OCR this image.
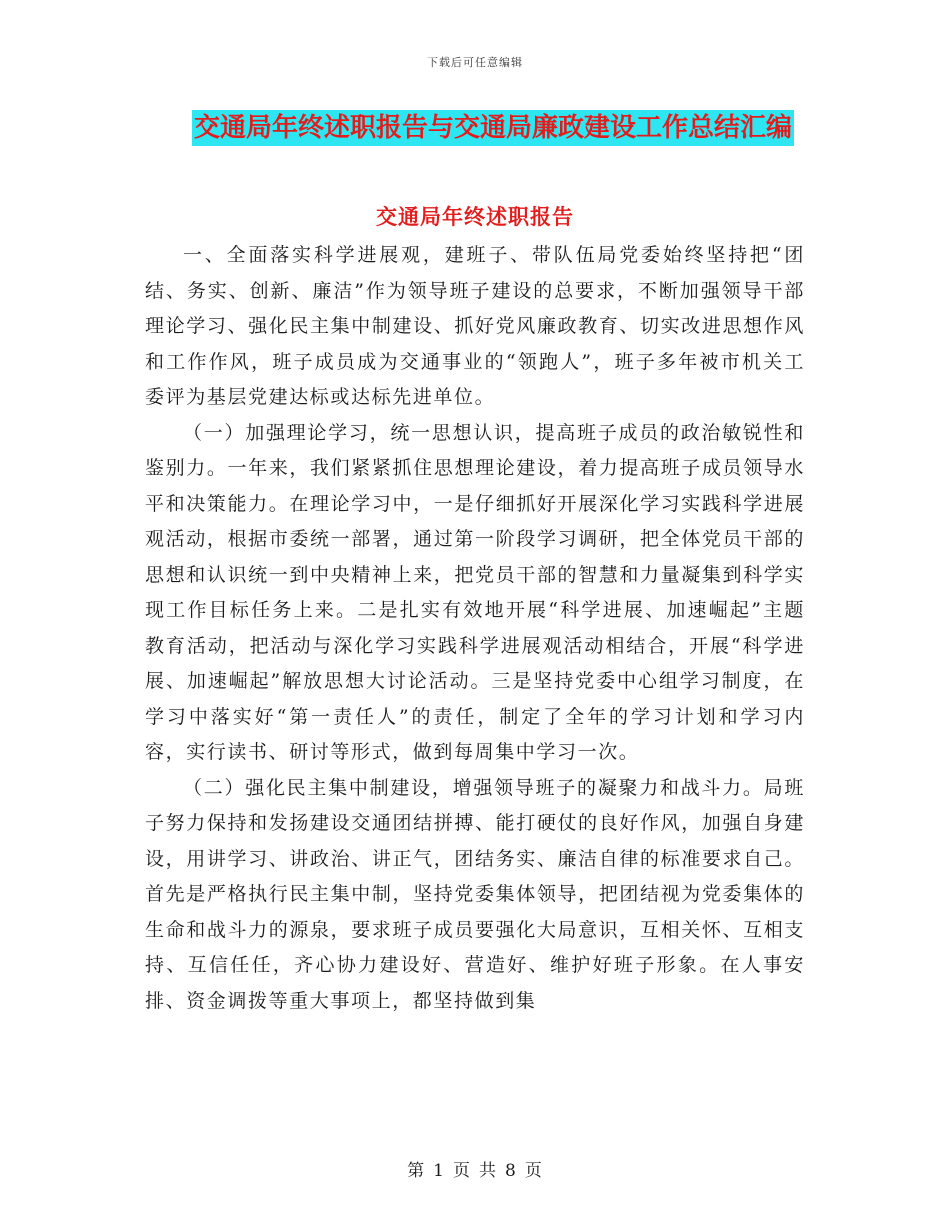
下载后可任意编辑
交通局年终述职报告与交通局廉政建设工作总结汇编
交通局年终述职报告

一、全面落实科学进展观，建班子、带队伍局党委始终坚持把“团结、务实、创新、廉洁”作为领导班子建设的总要求，不断加强领导干部理论学习、强化民主集中制建设、抓好党风廉政教育、切实改进思想作风和工作作风，班子成员成为交通事业的“领跑人”，班子多年被市机关工委评为基层党建达标或达标先进单位。

（一）加强理论学习，统一思想认识，提高班子成员的政治敏锐性和鉴别力。一年来，我们紧紧抓住思想理论建设，着力提高班子成员领导水平和决策能力。在理论学习中，一是仔细抓好开展深化学习实践科学进展观活动，根据市委统一部署，通过第一阶段学习调研，把全体党员干部的思想和认识统一到中央精神上来，把党员干部的智慧和力量凝集到科学实现工作目标任务上来。二是扎实有效地开展“科学进展、加速崛起”主题教育活动，把活动与深化学习实践科学进展观活动相结合，开展“科学进展、加速崛起”解放思想大讨论活动。三是坚持党委中心组学习制度，在学习中落实好“第一责任人”的责任，制定了全年的学习计划和学习内容，实行读书、研讨等形式，做到每周集中学习一次。

（二）强化民主集中制建设，增强领导班子的凝聚力和战斗力。局班子努力保持和发扬建设交通团结拼搏、能打硬仗的良好作风，加强自身建设，用讲学习、讲政治、讲正气，团结务实、廉洁自律的标准要求自己。首先是严格执行民主集中制，坚持党委集体领导，把团结视为党委集体的生命和战斗力的源泉，要求班子成员要强化大局意识，互相关怀、互相支持、互信任任，齐心协力建设好、营造好、维护好班子形象。在人事安排、资金调拨等重大事项上，都坚持做到集

第 1 页 共 8 页
